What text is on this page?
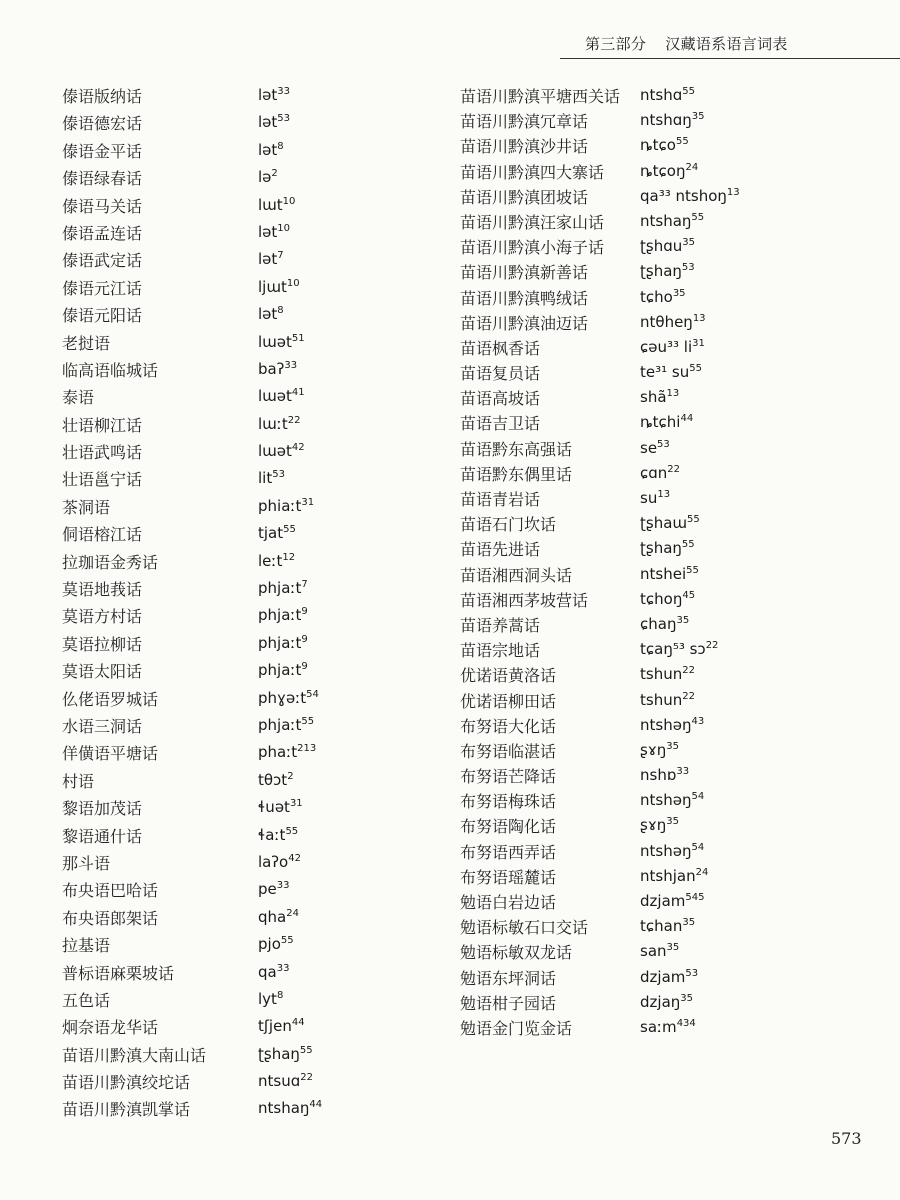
第三部分 汉藏语系语言词表
傣语版纳话	lət$^{33}$
傣语德宏话	lət$^{53}$
傣语金平话	lət$^8$
傣语绿春话	lə$^2$
傣语马关话	lɯt$^{10}$
傣语孟连话	lət$^{10}$
傣语武定话	lət$^7$
傣语元江话	ljɯt$^{10}$
傣语元阳话	lət$^8$
老挝语	lɯət$^{51}$
临高语临城话	baʔ$^{33}$
泰语	lɯət$^{41}$
壮语柳江话	lɯːt$^{22}$
壮语武鸣话	lɯət$^{42}$
壮语邕宁话	lit$^{53}$
茶洞语	phiaːt$^{31}$
侗语榕江话	tjat$^{55}$
拉珈语金秀话	leːt$^{12}$
莫语地莪话	phjaːt$^7$
莫语方村话	phjaːt$^9$
莫语拉柳话	phjaːt$^9$
莫语太阳话	phjaːt$^9$
仫佬语罗城话	phɣəːt$^{54}$
水语三洞话	phjaːt$^{55}$
佯僙语平塘话	phaːt$^{213}$
村语	tθɔt$^2$
黎语加茂话	ɬuət$^{31}$
黎语通什话	ɬaːt$^{55}$
那斗语	laʔo$^{42}$
布央语巴哈话	$pe^{33}$
布央语郎架话	qha$^{24}$
拉基语	pjo$^{55}$
普标语麻栗坡话	$qa^{33}$
五色话	lyt$^8$
炯奈语龙华话	tʃjen$^{44}$
苗语川黔滇大南山话	ʈʂhaŋ$^{55}$
苗语川黔滇绞坨话	ntsuɑ$^{22}$
苗语川黔滇凯掌话	ntshaŋ$^{44}$
苗语川黔滇平塘西关话 ntshɑ$^{55}$
苗语川黔滇冗章话	ntshɑŋ$^{35}$
苗语川黔滇沙井话	ȵtɕo$^{55}$
苗语川黔滇四大寨话 ȵtɕoŋ$^{24}$
苗语川黔滇团坡话	qa³³ ntshoŋ$^{13}$
苗语川黔滇汪家山话 ntshaŋ$^{55}$
苗语川黔滇小海子话 ʈʂhɑu$^{35}$
苗语川黔滇新善话	ʈʂhaŋ$^{53}$
苗语川黔滇鸭绒话	tɕho$^{35}$
苗语川黔滇油迈话	ntθheŋ$^{13}$
苗语枫香话	ɕəu³³ $li^{31}$
苗语复员话	te³¹ $su^{55}$
苗语高坡话	shã$^{13}$
苗语吉卫话	ȵtɕhi$^{44}$
苗语黔东高强话	$se^{53}$
苗语黔东偶里话	ɕɑn$^{22}$
苗语青岩话	$su^{13}$
苗语石门坎话	ʈʂhaɯ$^{55}$
苗语先进话	ʈʂhaŋ$^{55}$
苗语湘西洞头话	ntshei$^{55}$
苗语湘西茅坡营话	tɕhoŋ$^{45}$
苗语养蒿话	ɕhaŋ$^{35}$
苗语宗地话	tɕaŋ⁵³ sɔ$^{22}$
优诺语黄洛话	tshun$^{22}$
优诺语柳田话	tshun$^{22}$
布努语大化话	ntshəŋ$^{43}$
布努语临湛话	ʂɤŋ$^{35}$
布努语芒降话	nshɒ$^{33}$
布努语梅珠话	ntshəŋ$^{54}$
布努语陶化话	ʂɤŋ$^{35}$
布努语西弄话	ntshəŋ$^{54}$
布努语瑶麓话	ntshjan$^{24}$
勉语白岩边话	dzjam$^{545}$
勉语标敏石口交话	tɕhan$^{35}$
勉语标敏双龙话	san$^{35}$
勉语东坪洞话	dzjam$^{53}$
勉语柑子园话	dzjaŋ$^{35}$
勉语金门览金话	saːm$^{434}$
573
